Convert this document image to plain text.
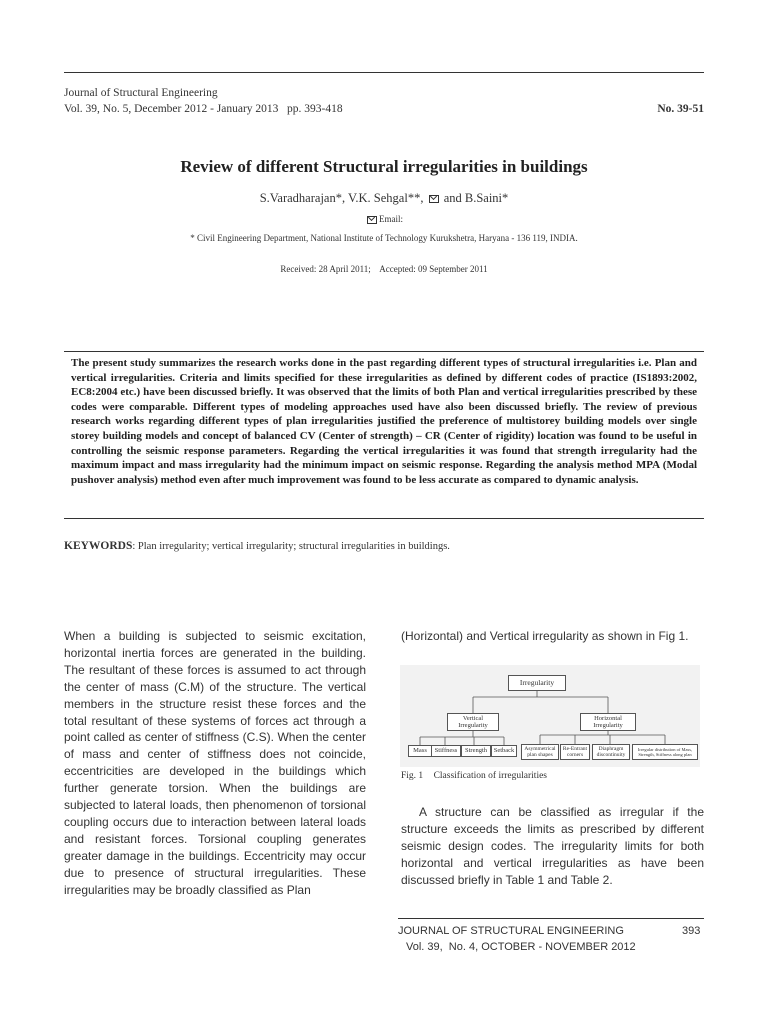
Journal of Structural Engineering
Vol. 39, No. 5, December 2012 - January 2013   pp. 393-418	No. 39-51
Review of different Structural irregularities in buildings
S.Varadharajan*, V.K. Sehgal**, and B.Saini*
Email:
* Civil Engineering Department, National Institute of Technology Kurukshetra, Haryana - 136 119, INDIA.
Received: 28 April 2011;    Accepted: 09 September 2011
The present study summarizes the research works done in the past regarding different types of structural irregularities i.e. Plan and vertical irregularities. Criteria and limits specified for these irregularities as defined by different codes of practice (IS1893:2002, EC8:2004 etc.) have been discussed briefly. It was observed that the limits of both Plan and vertical irregularities prescribed by these codes were comparable. Different types of modeling approaches used have also been discussed briefly. The review of previous research works regarding different types of plan irregularities justified the preference of multistorey building models over single storey building models and concept of balanced CV (Center of strength) – CR (Center of rigidity) location was found to be useful in controlling the seismic response parameters. Regarding the vertical irregularities it was found that strength irregularity had the maximum impact and mass irregularity had the minimum impact on seismic response. Regarding the analysis method MPA (Modal pushover analysis) method even after much improvement was found to be less accurate as compared to dynamic analysis.
KEYWORDS: Plan irregularity; vertical irregularity; structural irregularities in buildings.
When a building is subjected to seismic excitation, horizontal inertia forces are generated in the building. The resultant of these forces is assumed to act through the center of mass (C.M) of the structure. The vertical members in the structure resist these forces and the total resultant of these systems of forces act through a point called as center of stiffness (C.S). When the center of mass and center of stiffness does not coincide, eccentricities are developed in the buildings which further generate torsion. When the buildings are subjected to lateral loads, then phenomenon of torsional coupling occurs due to interaction between lateral loads and resistant forces. Torsional coupling generates greater damage in the buildings. Eccentricity may occur due to presence of structural irregularities. These irregularities may be broadly classified as Plan
(Horizontal) and Vertical irregularity as shown in Fig 1.
Irregularity
Vertical Irregularity
Horizontal Irregularity
Mass Stiffness Strength Setback	Asymmetrical plan shapes
Re-Entrant corners
Diaphragm discontinuity
Irregular distribution of Mass, Strength, Stiffness along plan
Fig. 1 Classification of irregularities
A structure can be classified as irregular if the structure exceeds the limits as prescribed by different seismic design codes. The irregularity limits for both horizontal and vertical irregularities as have been discussed briefly in Table 1 and Table 2.
JOURNAL OF STRUCTURAL ENGINEERING	393
Vol. 39,  No. 4, OCTOBER - NOVEMBER 2012
